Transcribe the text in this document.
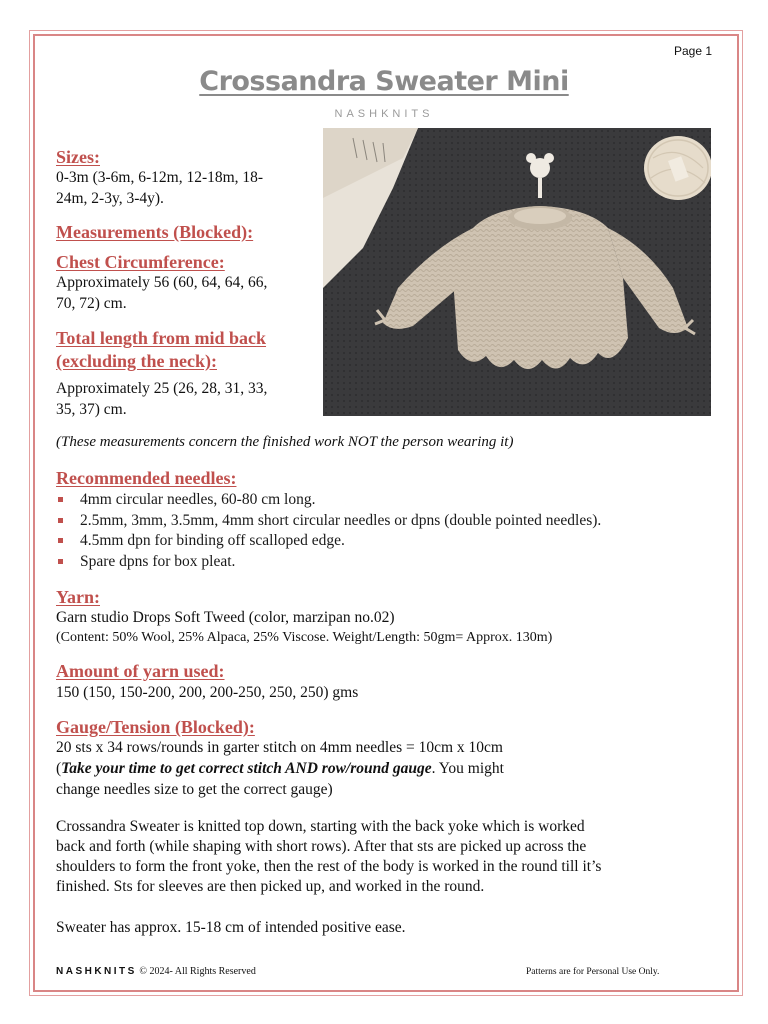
Page 1
Crossandra Sweater Mini
NASHKNITS
Sizes:
0-3m (3-6m, 6-12m, 12-18m, 18-
24m, 2-3y, 3-4y).
Measurements (Blocked):
Chest Circumference:
Approximately 56 (60, 64, 64, 66,
70, 72) cm.
Total length from mid back
(excluding the neck):
Approximately 25 (26, 28, 31, 33,
35, 37) cm.
(These measurements concern the finished work NOT the person wearing it)
Recommended needles:
4mm circular needles, 60-80 cm long.
2.5mm, 3mm, 3.5mm, 4mm short circular needles or dpns (double pointed needles).
4.5mm dpn for binding off scalloped edge.
Spare dpns for box pleat.
Yarn:
Garn studio Drops Soft Tweed (color, marzipan no.02)
(Content: 50% Wool, 25% Alpaca, 25% Viscose. Weight/Length: 50gm= Approx. 130m)
Amount of yarn used:
150 (150, 150-200, 200, 200-250, 250, 250) gms
Gauge/Tension (Blocked):
20 sts x 34 rows/rounds in garter stitch on 4mm needles = 10cm x 10cm
(Take your time to get correct stitch AND row/round gauge. You might
change needles size to get the correct gauge)
Crossandra Sweater is knitted top down, starting with the back yoke which is worked
back and forth (while shaping with short rows). After that sts are picked up across the
shoulders to form the front yoke, then the rest of the body is worked in the round till it’s
finished. Sts for sleeves are then picked up, and worked in the round.
Sweater has approx. 15-18 cm of intended positive ease.
NASHKNITS © 2024- All Rights Reserved	Patterns are for Personal Use Only.
